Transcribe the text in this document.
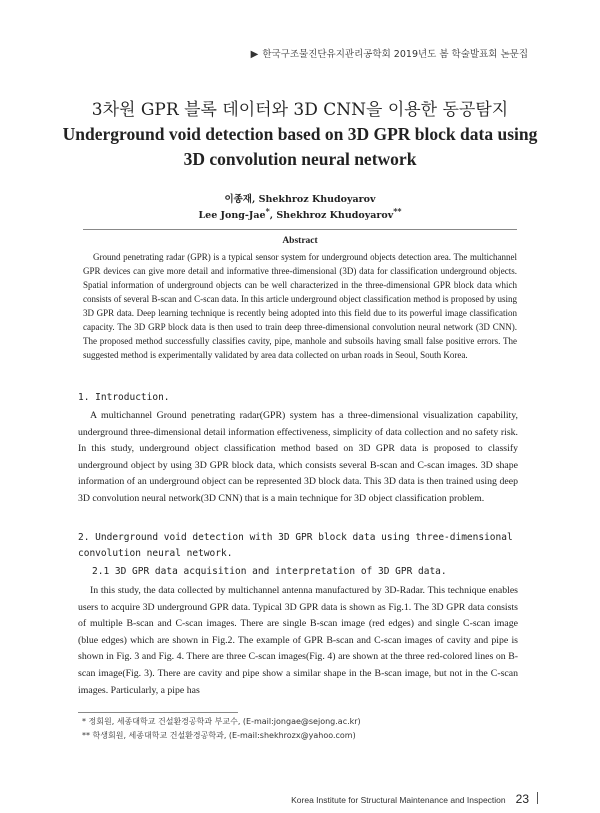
▶ 한국구조물진단유지관리공학회 2019년도 봄 학술발표회 논문집
3차원 GPR 블록 데이터와 3D CNN을 이용한 동공탐지
Underground void detection based on 3D GPR block data using 3D convolution neural network
이종재, Shekhroz Khudoyarov
Lee Jong-Jae*, Shekhroz Khudoyarov**
Abstract

Ground penetrating radar (GPR) is a typical sensor system for underground objects detection area. The multichannel GPR devices can give more detail and informative three-dimensional (3D) data for classification underground objects. Spatial information of underground objects can be well characterized in the three-dimensional GPR block data which consists of several B-scan and C-scan data. In this article underground object classification method is proposed by using 3D GPR data. Deep learning technique is recently being adopted into this field due to its powerful image classification capacity. The 3D GRP block data is then used to train deep three-dimensional convolution neural network (3D CNN). The proposed method successfully classifies cavity, pipe, manhole and subsoils having small false positive errors. The suggested method is experimentally validated by area data collected on urban roads in Seoul, South Korea.

1. Introduction.

A multichannel Ground penetrating radar(GPR) system has a three-dimensional visualization capability, underground three-dimensional detail information effectiveness, simplicity of data collection and no safety risk. In this study, underground object classification method based on 3D GPR data is proposed to classify underground object by using 3D GPR block data, which consists several B-scan and C-scan images. 3D shape information of an underground object can be represented 3D block data. This 3D data is then trained using deep 3D convolution neural network(3D CNN) that is a main technique for 3D object classification problem.

2. Underground void detection with 3D GPR block data using three-dimensional convolution neural network.
2.1 3D GPR data acquisition and interpretation of 3D GPR data.

In this study, the data collected by multichannel antenna manufactured by 3D-Radar. This technique enables users to acquire 3D underground GPR data. Typical 3D GPR data is shown as Fig.1. The 3D GPR data consists of multiple B-scan and C-scan images. There are single B-scan image (red edges) and single C-scan image (blue edges) which are shown in Fig.2. The example of GPR B-scan and C-scan images of cavity and pipe is shown in Fig. 3 and Fig. 4. There are three C-scan images(Fig. 4) are shown at the three red-colored lines on B-scan image(Fig. 3). There are cavity and pipe show a similar shape in the B-scan image, but not in the C-scan images. Particularly, a pipe has

* 정회원, 세종대학교 건설환경공학과 부교수, (E-mail:jongae@sejong.ac.kr)
** 학생회원, 세종대학교 건설환경공학과, (E-mail:shekhrozx@yahoo.com)
Korea Institute for Structural Maintenance and Inspection 23
